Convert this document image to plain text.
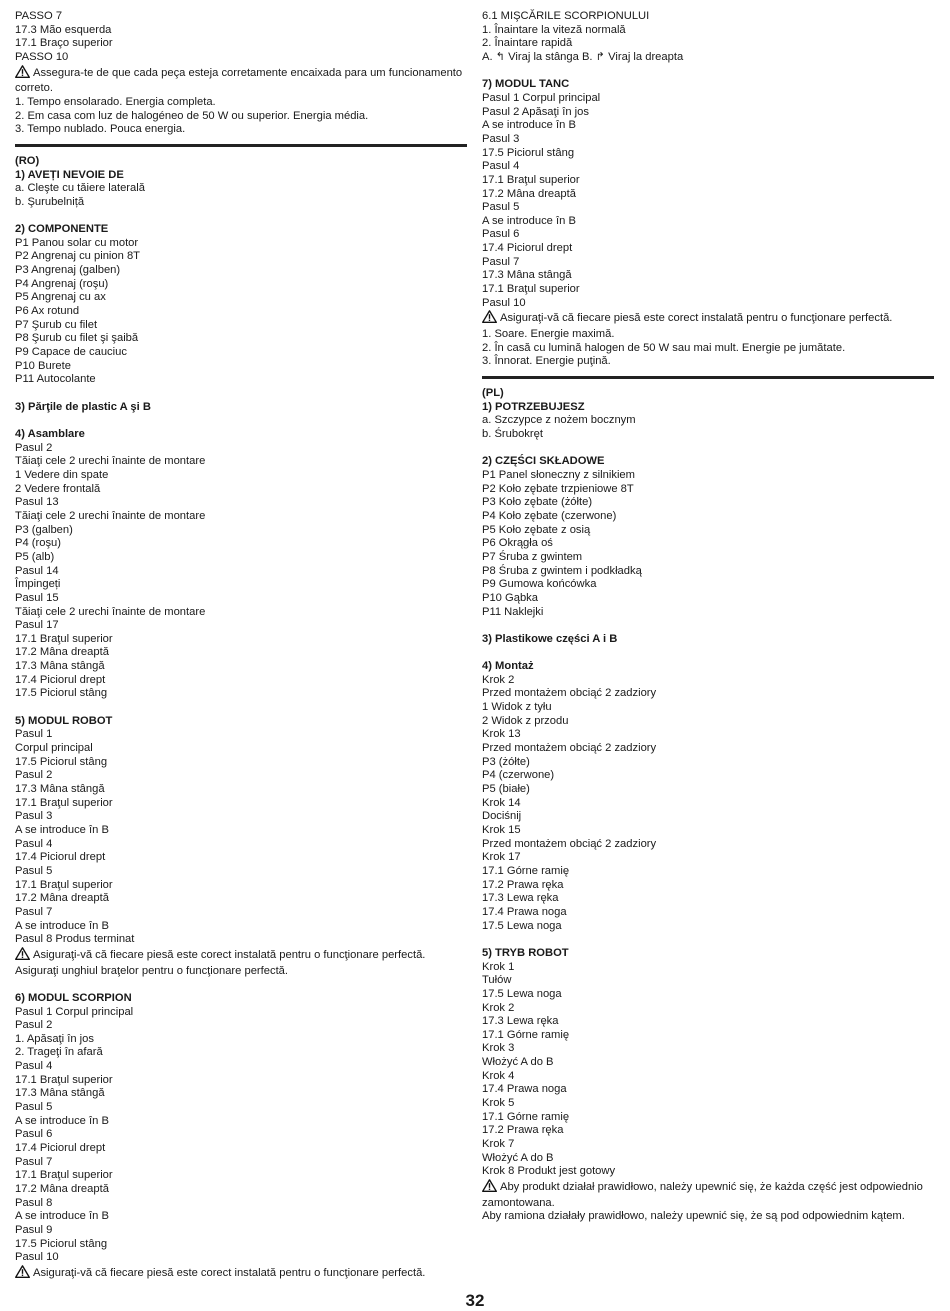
PASSO 7
17.3 Mão esquerda
17.1 Braço superior
PASSO 10
Assegura-te de que cada peça esteja corretamente encaixada para um funcionamento correto.
1. Tempo ensolarado. Energia completa.
2. Em casa com luz de halogéneo de 50 W ou superior. Energia média.
3. Tempo nublado. Pouca energia.
(RO)
1) AVEȚI NEVOIE DE
a. Cleşte cu tăiere laterală
b. Şurubelniță
2) COMPONENTE
P1 Panou solar cu motor
P2 Angrenaj cu pinion 8T
P3 Angrenaj (galben)
P4 Angrenaj (roşu)
P5 Angrenaj cu ax
P6 Ax rotund
P7 Şurub cu filet
P8 Şurub cu filet şi şaibă
P9 Capace de cauciuc
P10 Burete
P11 Autocolante
3) Părţile de plastic A şi B
4) Asamblare
Pasul 2
Tăiaţi cele 2 urechi înainte de montare
1 Vedere din spate
2 Vedere frontală
Pasul 13
Tăiaţi cele 2 urechi înainte de montare
P3 (galben)
P4 (roşu)
P5 (alb)
Pasul 14
Împingeți
Pasul 15
Tăiaţi cele 2 urechi înainte de montare
Pasul 17
17.1 Braţul superior
17.2 Mâna dreaptă
17.3 Mâna stângă
17.4 Piciorul drept
17.5 Piciorul stâng
5) MODUL ROBOT
Pasul 1
Corpul principal
17.5 Piciorul stâng
Pasul 2
17.3 Mâna stângă
17.1 Braţul superior
Pasul 3
A se introduce în B
Pasul 4
17.4 Piciorul drept
Pasul 5
17.1 Braţul superior
17.2 Mâna dreaptă
Pasul 7
A se introduce în B
Pasul 8 Produs terminat
Asiguraţi-vă că fiecare piesă este corect instalată pentru o funcţionare perfectă.
Asiguraţi unghiul braţelor pentru o funcţionare perfectă.
6) MODUL SCORPION
Pasul 1 Corpul principal
Pasul 2
1. Apăsaţi în jos
2. Trageţi în afară
Pasul 4
17.1 Braţul superior
17.3 Mâna stângă
Pasul 5
A se introduce în B
Pasul 6
17.4 Piciorul drept
Pasul 7
17.1 Braţul superior
17.2 Mâna dreaptă
Pasul 8
A se introduce în B
Pasul 9
17.5 Piciorul stâng
Pasul 10
Asiguraţi-vă că fiecare piesă este corect instalată pentru o funcţionare perfectă.
6.1 MIŞCĂRILE SCORPIONULUI
1. Înaintare la viteză normală
2. Înaintare rapidă
A. ↰ Viraj la stânga B. ↱ Viraj la dreapta
7) MODUL TANC
Pasul 1 Corpul principal
Pasul 2 Apăsaţi în jos
A se introduce în B
Pasul 3
17.5 Piciorul stâng
Pasul 4
17.1 Braţul superior
17.2 Mâna dreaptă
Pasul 5
A se introduce în B
Pasul 6
17.4 Piciorul drept
Pasul 7
17.3 Mâna stângă
17.1 Braţul superior
Pasul 10
Asiguraţi-vă că fiecare piesă este corect instalată pentru o funcţionare perfectă.
1. Soare. Energie maximă.
2. În casă cu lumină halogen de 50 W sau mai mult. Energie pe jumătate.
3. Înnorat. Energie puţină.
(PL)
1) POTRZEBUJESZ
a. Szczypce z nożem bocznym
b. Śrubokręt
2) CZĘŚCI SKŁADOWE
P1 Panel słoneczny z silnikiem
P2 Koło zębate trzpieniowe 8T
P3 Koło zębate (żółte)
P4 Koło zębate (czerwone)
P5 Koło zębate z osią
P6 Okrągła oś
P7 Śruba z gwintem
P8 Śruba z gwintem i podkładką
P9 Gumowa końcówka
P10 Gąbka
P11 Naklejki
3) Plastikowe części A i B
4) Montaż
Krok 2
Przed montażem obciąć 2 zadziory
1 Widok z tyłu
2 Widok z przodu
Krok 13
Przed montażem obciąć 2 zadziory
P3 (żółte)
P4 (czerwone)
P5 (białe)
Krok 14
Dociśnij
Krok 15
Przed montażem obciąć 2 zadziory
Krok 17
17.1 Górne ramię
17.2 Prawa ręka
17.3 Lewa ręka
17.4 Prawa noga
17.5 Lewa noga
5) TRYB ROBOT
Krok 1
Tułów
17.5 Lewa noga
Krok 2
17.3 Lewa ręka
17.1 Górne ramię
Krok 3
Włożyć A do B
Krok 4
17.4 Prawa noga
Krok 5
17.1 Górne ramię
17.2 Prawa ręka
Krok 7
Włożyć A do B
Krok 8 Produkt jest gotowy
Aby produkt działał prawidłowo, należy upewnić się, że każda część jest odpowiednio zamontowana.
Aby ramiona działały prawidłowo, należy upewnić się, że są pod odpowiednim kątem.
32
